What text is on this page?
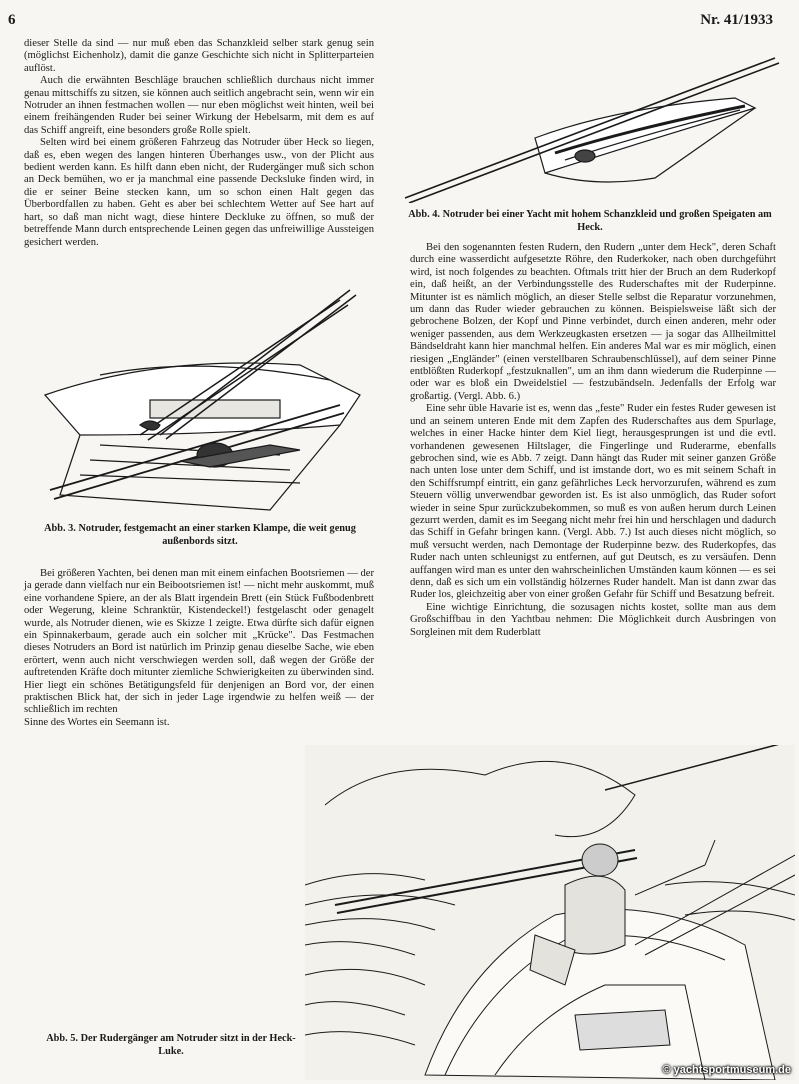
6	Nr. 41/1933

dieser Stelle da sind — nur muß eben das Schanzkleid selber stark genug sein (möglichst Eichenholz), damit die ganze Geschichte sich nicht in Splitterparteien auflöst.

Auch die erwähnten Beschläge brauchen schließlich durchaus nicht immer genau mittschiffs zu sitzen, sie können auch seitlich angebracht sein, wenn wir ein Notruder an ihnen festmachen wollen — nur eben möglichst weit hinten, weil bei einem freihängenden Ruder bei seiner Wirkung der Hebelsarm, mit dem es auf das Schiff angreift, eine besonders große Rolle spielt.

Selten wird bei einem größeren Fahrzeug das Notruder über Heck so liegen, daß es, eben wegen des langen hinteren Überhanges usw., von der Plicht aus bedient werden kann. Es hilft dann eben nicht, der Rudergänger muß sich schon an Deck bemühen, wo er ja manchmal eine passende Decksluke finden wird, in die er seiner Beine stecken kann, um so schon einen Halt gegen das Überbordfallen zu haben. Geht es aber bei schlechtem Wetter auf See hart auf hart, so daß man nicht wagt, diese hintere Deckluke zu öffnen, so muß der betreffende Mann durch entsprechende Leinen gegen das unfreiwillige Aussteigen gesichert werden.

Abb. 3. Notruder, festgemacht an einer starken Klampe, die weit genug außenbords sitzt.

Bei größeren Yachten, bei denen man mit einem einfachen Bootsriemen — der ja gerade dann vielfach nur ein Beibootsriemen ist! — nicht mehr auskommt, muß eine vorhandene Spiere, an der als Blatt irgendein Brett (ein Stück Fußbodenbrett oder Wegerung, kleine Schranktür, Kistendeckel!) festgelascht oder genagelt wurde, als Notruder dienen, wie es Skizze 1 zeigte. Etwa dürfte sich dafür eignen ein Spinnakerbaum, gerade auch ein solcher mit „Krücke". Das Festmachen dieses Notruders an Bord ist natürlich im Prinzip genau dieselbe Sache, wie eben erörtert, wenn auch nicht verschwiegen werden soll, daß wegen der Größe der auftretenden Kräfte doch mitunter ziemliche Schwierigkeiten zu überwinden sind. Hier liegt ein schönes Betätigungsfeld für denjenigen an Bord vor, der einen praktischen Blick hat, der sich in jeder Lage irgendwie zu helfen weiß — der schließlich im rechten

Sinne des Wortes ein Seemann ist.

Abb. 4. Notruder bei einer Yacht mit hohem Schanzkleid und großen Speigaten am Heck.

Bei den sogenannten festen Rudern, den Rudern „unter dem Heck", deren Schaft durch eine wasserdicht aufgesetzte Röhre, den Ruderkoker, nach oben durchgeführt wird, ist noch folgendes zu beachten. Oftmals tritt hier der Bruch an dem Ruderkopf ein, daß heißt, an der Verbindungsstelle des Ruderschaftes mit der Ruderpinne. Mitunter ist es nämlich möglich, an dieser Stelle selbst die Reparatur vorzunehmen, um dann das Ruder wieder gebrauchen zu können. Beispielsweise läßt sich der gebrochene Bolzen, der Kopf und Pinne verbindet, durch einen anderen, mehr oder weniger passenden, aus dem Werkzeugkasten ersetzen — ja sogar das Allheilmittel Bändseldraht kann hier manchmal helfen. Ein anderes Mal war es mir möglich, einen riesigen „Engländer" (einen verstellbaren Schraubenschlüssel), auf dem seiner Pinne entblößten Ruderkopf „festzuknallen", um an ihm dann wiederum die Ruderpinne — oder war es bloß ein Dweidelstiel — festzubändseln. Jedenfalls der Erfolg war großartig. (Vergl. Abb. 6.)

Eine sehr üble Havarie ist es, wenn das „feste" Ruder ein festes Ruder gewesen ist und an seinem unteren Ende mit dem Zapfen des Ruderschaftes aus dem Spurlage, welches in einer Hacke hinter dem Kiel liegt, herausgesprungen ist und die evtl. vorhandenen gewesenen Hiltslager, die Fingerlinge und Ruderarme, ebenfalls gebrochen sind, wie es Abb. 7 zeigt. Dann hängt das Ruder mit seiner ganzen Größe nach unten lose unter dem Schiff, und ist imstande dort, wo es mit seinem Schaft in den Schiffsrumpf eintritt, ein ganz gefährliches Leck hervorzurufen, während es zum Steuern völlig unverwendbar geworden ist. Es ist also unmöglich, das Ruder sofort wieder in seine Spur zurückzubekommen, so muß es von außen herum durch Leinen gezurrt werden, damit es im Seegang nicht mehr frei hin und herschlagen und dadurch das Schiff in Gefahr bringen kann. (Vergl. Abb. 7.) Ist auch dieses nicht möglich, so muß versucht werden, nach Demontage der Ruderpinne bezw. des Ruderkopfes, das Ruder nach unten schleunigst zu entfernen, auf gut Deutsch, es zu versäufen. Denn auffangen wird man es unter den wahrscheinlichen Umständen kaum können — es sei denn, daß es sich um ein vollständig hölzernes Ruder handelt. Man ist dann zwar das Ruder los, gleichzeitig aber von einer großen Gefahr für Schiff und Besatzung befreit.

Eine wichtige Einrichtung, die sozusagen nichts kostet, sollte man aus dem Großschiffbau in den Yachtbau nehmen: Die Möglichkeit durch Ausbringen von Sorgleinen mit dem Ruderblatt

Abb. 5. Der Rudergänger am Notruder sitzt in der Heck-Luke.
© yachtsportmuseum.de
